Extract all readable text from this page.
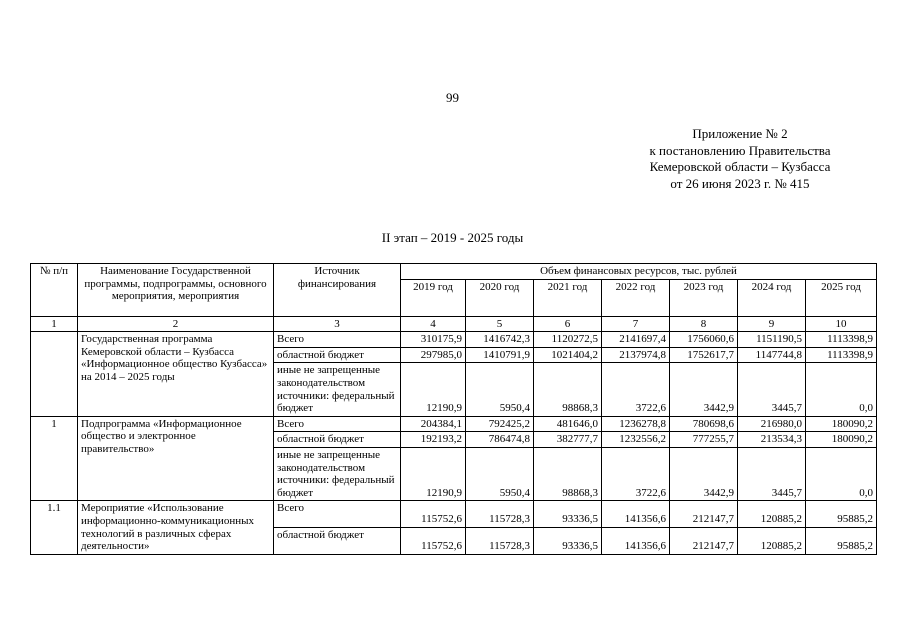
99
Приложение № 2
к постановлению Правительства
Кемеровской области – Кузбасса
от 26 июня 2023 г. № 415
II этап – 2019 - 2025 годы
№ п/п	Наименование Государственной программы, подпрограммы, основного мероприятия, мероприятия	Источник финансирования	Объем финансовых ресурсов, тыс. рублей						
			2019 год	2020 год	2021 год	2022 год	2023 год	2024 год	2025 год
1	2	3	4	5	6	7	8	9	10
	Государственная программа Кемеровской области – Кузбасса «Информационное общество Кузбасса» на 2014 – 2025 годы	Всего	310175,9	1416742,3	1120272,5	2141697,4	1756060,6	1151190,5	1113398,9
		областной бюджет	297985,0	1410791,9	1021404,2	2137974,8	1752617,7	1147744,8	1113398,9
		иные не запрещенные законодательством источники: федеральный бюджет	12190,9	5950,4	98868,3	3722,6	3442,9	3445,7	0,0
1	Подпрограмма «Информационное общество и электронное правительство»	Всего	204384,1	792425,2	481646,0	1236278,8	780698,6	216980,0	180090,2
		областной бюджет	192193,2	786474,8	382777,7	1232556,2	777255,7	213534,3	180090,2
		иные не запрещенные законодательством источники: федеральный бюджет	12190,9	5950,4	98868,3	3722,6	3442,9	3445,7	0,0
1.1	Мероприятие «Использование информационно-коммуникационных технологий в различных сферах деятельности»	Всего	115752,6	115728,3	93336,5	141356,6	212147,7	120885,2	95885,2
		областной бюджет	115752,6	115728,3	93336,5	141356,6	212147,7	120885,2	95885,2
